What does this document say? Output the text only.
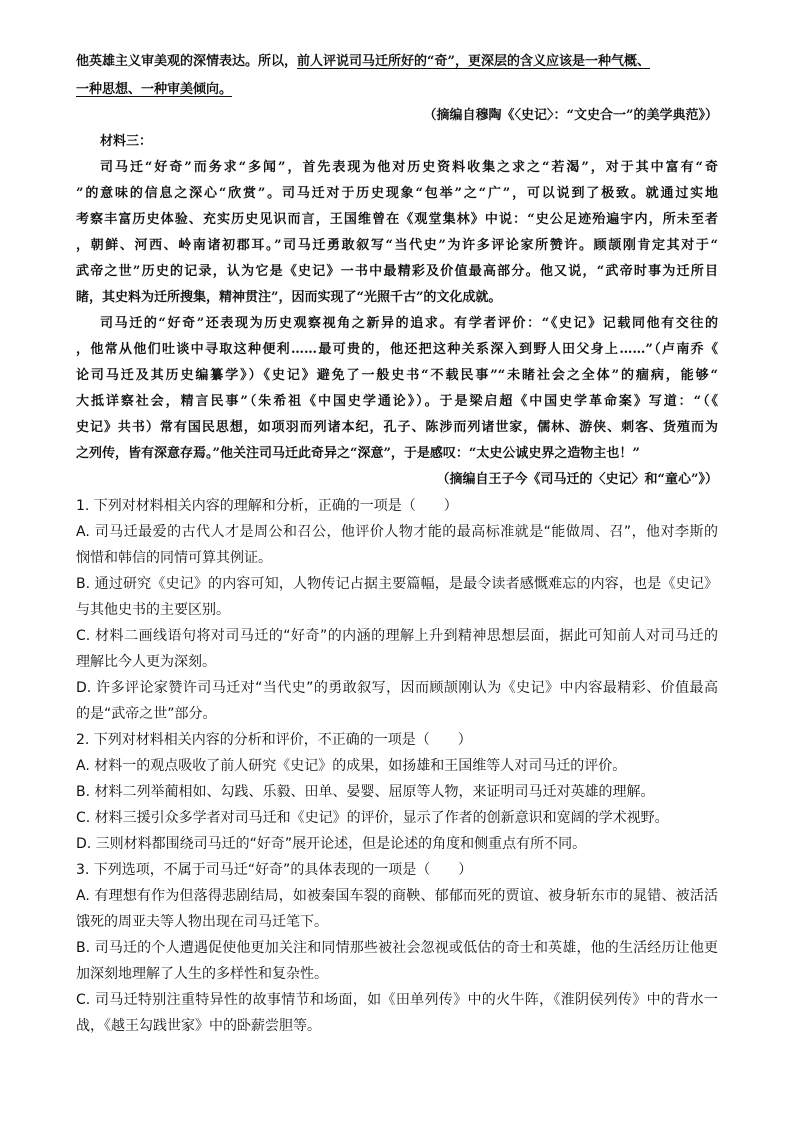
他英雄主义审美观的深情表达。所以，前人评说司马迁所好的“奇”，更深层的含义应该是一种气概、
一种思想、一种审美倾向。
（摘编自穆陶《〈史记〉：“文史合一”的美学典范》）
材料三：
司马迁“好奇”而务求“多闻”，首先表现为他对历史资料收集之求之“若渴”，对于其中富有“奇
”的意味的信息之深心“欣赏”。司马迁对于历史现象“包举”之“广”，可以说到了极致。就通过实地
考察丰富历史体验、充实历史见识而言，王国维曾在《观堂集林》中说：“史公足迹殆遍宇内，所未至者
，朝鲜、河西、岭南诸初郡耳。”司马迁勇敢叙写“当代史”为许多评论家所赞许。顾颉刚肯定其对于“
武帝之世”历史的记录，认为它是《史记》一书中最精彩及价值最高部分。他又说，“武帝时事为迁所目
睹，其史料为迁所搜集，精神贯注”，因而实现了“光照千古”的文化成就。
司马迁的“好奇”还表现为历史观察视角之新异的追求。有学者评价：“《史记》记载同他有交往的
，他常从他们吐谈中寻取这种便利……最可贵的，他还把这种关系深入到野人田父身上……”（卢南乔《
论司马迁及其历史编纂学》）《史记》避免了一般史书“不载民事”“未睹社会之全体”的痼病，能够“
大抵详察社会，精言民事”（朱希祖《中国史学通论》）。于是梁启超《中国史学革命案》写道：“（《
史记》共书）常有国民思想，如项羽而列诸本纪，孔子、陈涉而列诸世家，儒林、游侠、刺客、货殖而为
之列传，皆有深意存焉。”他关注司马迁此奇异之“深意”，于是感叹：“太史公诚史界之造物主也！”
（摘编自王子今《司马迁的〈史记〉和“童心”》）
1. 下列对材料相关内容的理解和分析，正确的一项是（　　）
A. 司马迁最爱的古代人才是周公和召公，他评价人物才能的最高标准就是“能做周、召”，他对李斯的
悯惜和韩信的同情可算其例证。
B. 通过研究《史记》的内容可知，人物传记占据主要篇幅，是最令读者感慨难忘的内容，也是《史记》
与其他史书的主要区别。
C. 材料二画线语句将对司马迁的“好奇”的内涵的理解上升到精神思想层面，据此可知前人对司马迁的
理解比今人更为深刻。
D. 许多评论家赞许司马迁对“当代史”的勇敢叙写，因而顾颉刚认为《史记》中内容最精彩、价值最高
的是“武帝之世”部分。
2. 下列对材料相关内容的分析和评价，不正确的一项是（　　）
A. 材料一的观点吸收了前人研究《史记》的成果，如扬雄和王国维等人对司马迁的评价。
B. 材料二列举蔺相如、勾践、乐毅、田单、晏婴、屈原等人物，来证明司马迁对英雄的理解。
C. 材料三援引众多学者对司马迁和《史记》的评价，显示了作者的创新意识和宽阔的学术视野。
D. 三则材料都围绕司马迁的“好奇”展开论述，但是论述的角度和侧重点有所不同。
3. 下列选项，不属于司马迁“好奇”的具体表现的一项是（　　）
A. 有理想有作为但落得悲剧结局，如被秦国车裂的商鞅、郁郁而死的贾谊、被身斩东市的晁错、被活活
饿死的周亚夫等人物出现在司马迁笔下。
B. 司马迁的个人遭遇促使他更加关注和同情那些被社会忽视或低估的奇士和英雄，他的生活经历让他更
加深刻地理解了人生的多样性和复杂性。
C. 司马迁特别注重特异性的故事情节和场面，如《田单列传》中的火牛阵，《淮阴侯列传》中的背水一
战，《越王勾践世家》中的卧薪尝胆等。
